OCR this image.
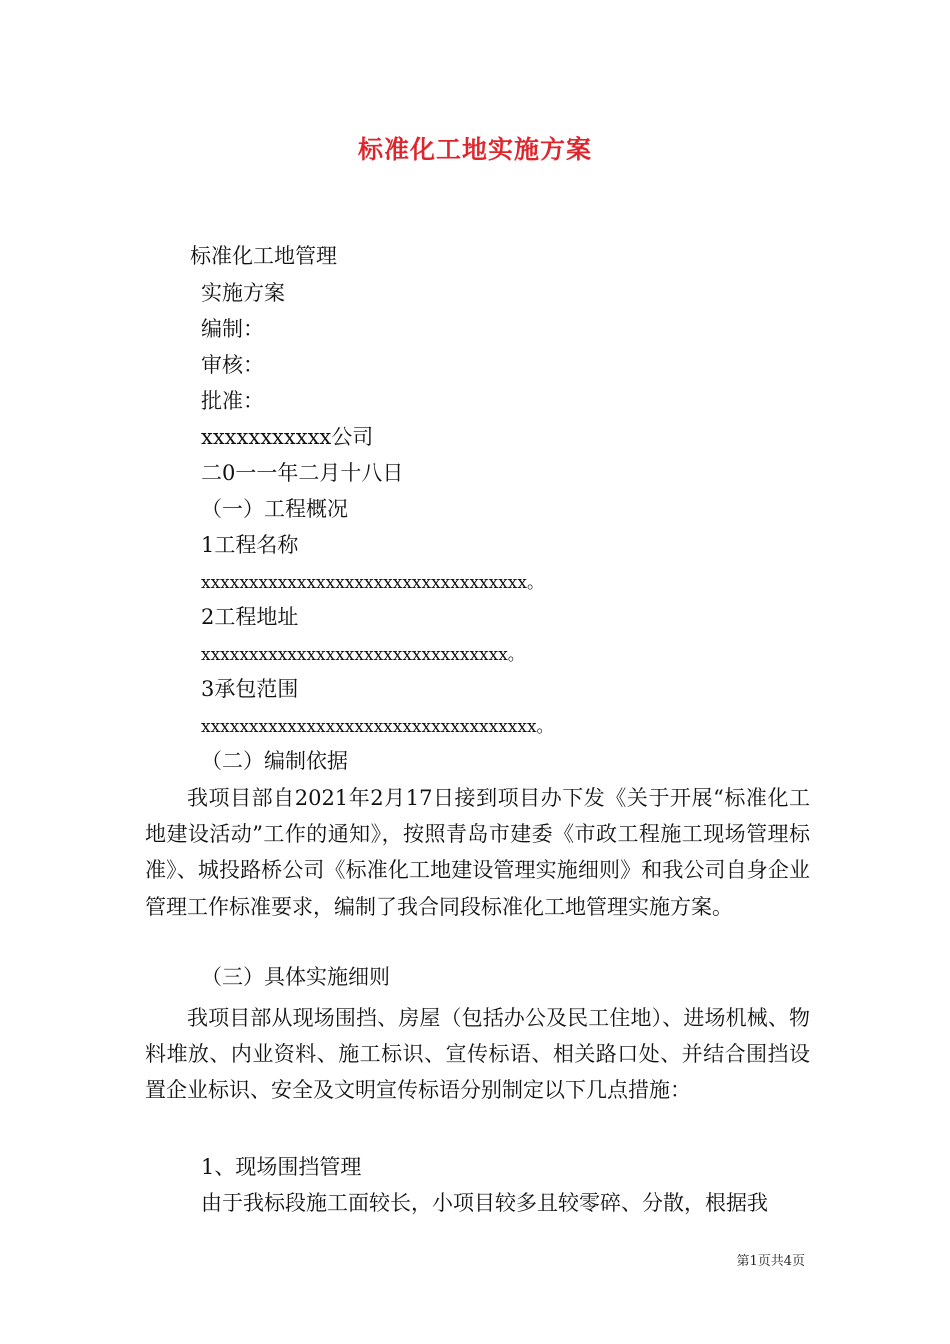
标准化工地实施方案
标准化工地管理
实施方案
编制：
审核：
批准：
xxxxxxxxxxx公司
二0一一年二月十八日
（一）工程概况
1工程名称
xxxxxxxxxxxxxxxxxxxxxxxxxxxxxxxxxx。
2工程地址
xxxxxxxxxxxxxxxxxxxxxxxxxxxxxxxx。
3承包范围
xxxxxxxxxxxxxxxxxxxxxxxxxxxxxxxxxxx。
（二）编制依据
我项目部自2021年2月17日接到项目办下发《关于开展“标准化工地建设活动”工作的通知》，按照青岛市建委《市政工程施工现场管理标准》、城投路桥公司《标准化工地建设管理实施细则》和我公司自身企业管理工作标准要求，编制了我合同段标准化工地管理实施方案。
（三）具体实施细则
我项目部从现场围挡、房屋（包括办公及民工住地）、进场机械、物料堆放、内业资料、施工标识、宣传标语、相关路口处、并结合围挡设置企业标识、安全及文明宣传标语分别制定以下几点措施：
1、现场围挡管理
由于我标段施工面较长，小项目较多且较零碎、分散，根据我
第1页共4页
